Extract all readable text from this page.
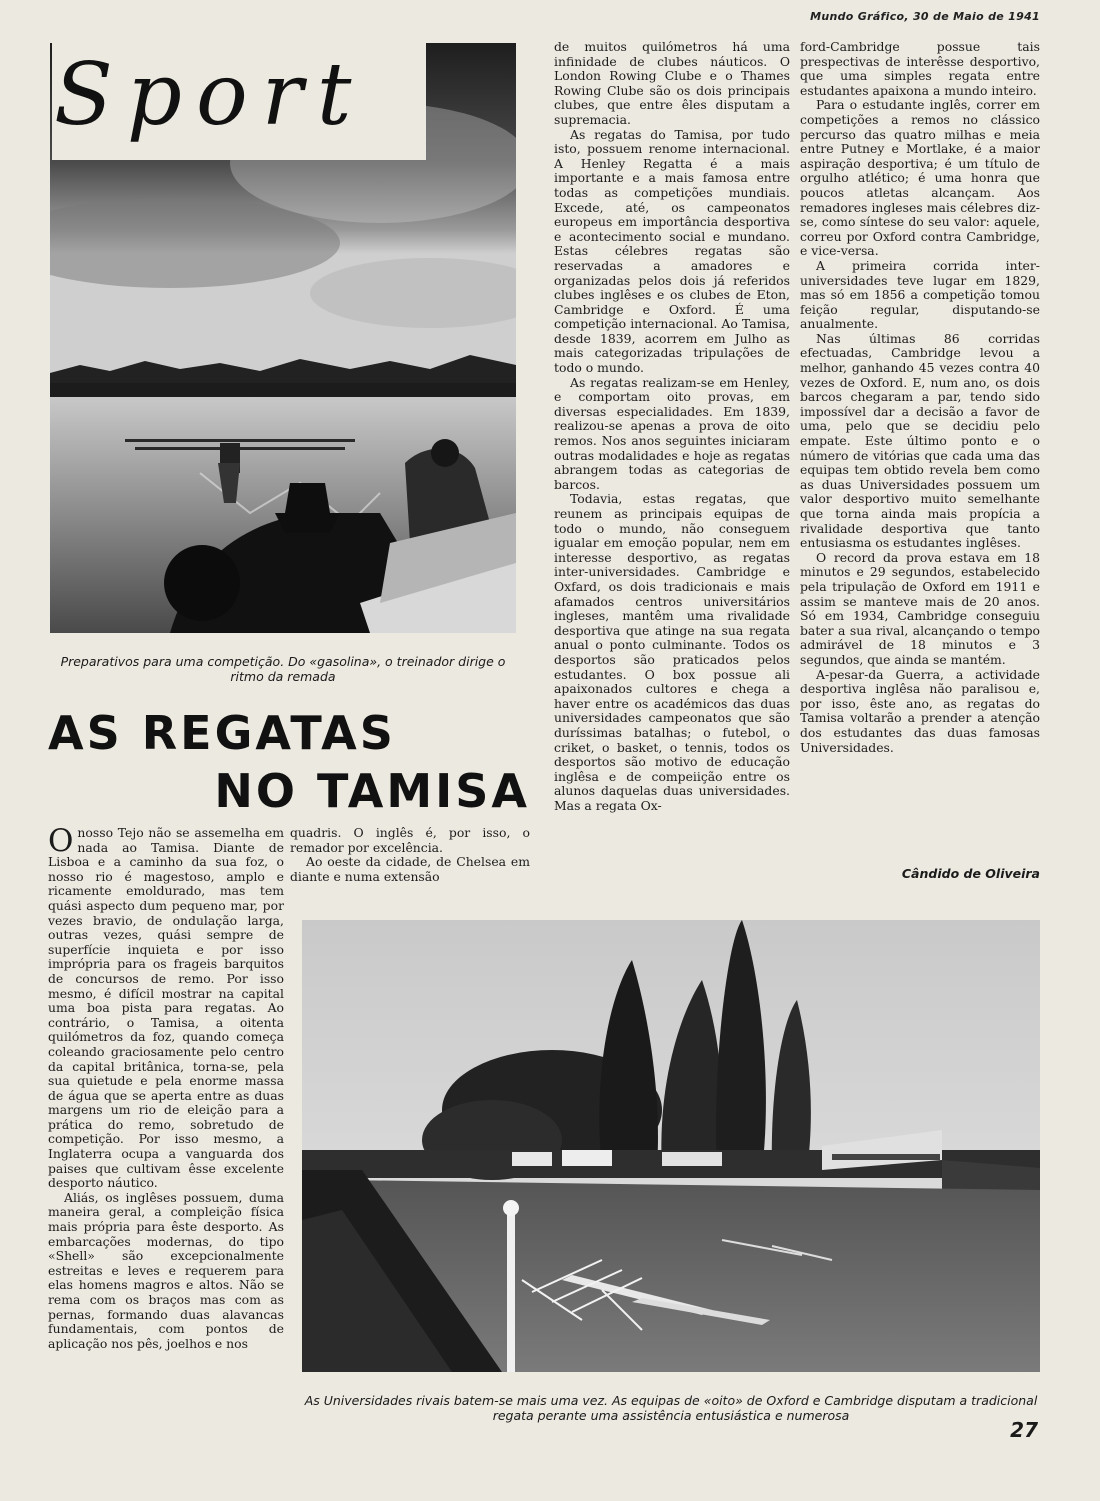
Mundo Gráfico, 30 de Maio de 1941
Sport
Preparativos para uma competição. Do «gasolina», o treinador dirige o ritmo da remada
AS REGATAS
NO TAMISA

Onosso Tejo não se assemelha em nada ao Tamisa. Diante de Lisboa e a caminho da sua foz, o nosso rio é magestoso, amplo e ricamente emoldurado, mas tem quási aspecto dum pequeno mar, por vezes bravio, de ondulação larga, outras vezes, quási sempre de superfície inquieta e por isso imprópria para os frageis barquitos de concursos de remo. Por isso mesmo, é difícil mostrar na capital uma boa pista para regatas. Ao contrário, o Tamisa, a oitenta quilómetros da foz, quando começa coleando graciosamente pelo centro da capital britânica, torna-se, pela sua quietude e pela enorme massa de água que se aperta entre as duas margens um rio de eleição para a prática do remo, sobretudo de competição. Por isso mesmo, a Inglaterra ocupa a vanguarda dos paises que cultivam êsse excelente desporto náutico.

Aliás, os inglêses possuem, duma maneira geral, a compleição física mais própria para êste desporto. As embarcações modernas, do tipo «Shell» são excepcionalmente estreitas e leves e requerem para elas homens magros e altos. Não se rema com os braços mas com as pernas, formando duas alavancas fundamentais, com pontos de aplicação nos pês, joelhos e nos

quadris. O inglês é, por isso, o remador por excelência.

Ao oeste da cidade, de Chelsea em diante e numa extensão

de muitos quilómetros há uma infinidade de clubes náuticos. O London Rowing Clube e o Thames Rowing Clube são os dois principais clubes, que entre êles disputam a supremacia.

As regatas do Tamisa, por tudo isto, possuem renome internacional. A Henley Regatta é a mais importante e a mais famosa entre todas as competições mundiais. Excede, até, os campeonatos europeus em importância desportiva e acontecimento social e mundano. Estas célebres regatas são reservadas a amadores e organizadas pelos dois já referidos clubes inglêses e os clubes de Eton, Cambridge e Oxford. É uma competição internacional. Ao Tamisa, desde 1839, acorrem em Julho as mais categorizadas tripulações de todo o mundo.

As regatas realizam-se em Henley, e comportam oito provas, em diversas especialidades. Em 1839, realizou-se apenas a prova de oito remos. Nos anos seguintes iniciaram outras modalidades e hoje as regatas abrangem todas as categorias de barcos.

Todavia, estas regatas, que reunem as principais equipas de todo o mundo, não conseguem igualar em emoção popular, nem em interesse desportivo, as regatas inter-universidades. Cambridge e Oxfard, os dois tradicionais e mais afamados centros universitários ingleses, mantêm uma rivalidade desportiva que atinge na sua regata anual o ponto culminante. Todos os desportos são praticados pelos estudantes. O box possue ali apaixonados cultores e chega a haver entre os académicos das duas universidades campeonatos que são duríssimas batalhas; o futebol, o criket, o basket, o tennis, todos os desportos são motivo de educação inglêsa e de compeiição entre os alunos daquelas duas universidades. Mas a regata Ox-

ford-Cambridge possue tais prespectivas de interêsse desportivo, que uma simples regata entre estudantes apaixona a mundo inteiro.

Para o estudante inglês, correr em competições a remos no clássico percurso das quatro milhas e meia entre Putney e Mortlake, é a maior aspiração desportiva; é um título de orgulho atlético; é uma honra que poucos atletas alcançam. Aos remadores ingleses mais célebres diz-se, como síntese do seu valor: aquele, correu por Oxford contra Cambridge, e vice-versa.

A primeira corrida inter-universidades teve lugar em 1829, mas só em 1856 a competição tomou feição regular, disputando-se anualmente.

Nas últimas 86 corridas efectuadas, Cambridge levou a melhor, ganhando 45 vezes contra 40 vezes de Oxford. E, num ano, os dois barcos chegaram a par, tendo sido impossível dar a decisão a favor de uma, pelo que se decidiu pelo empate. Este último ponto e o número de vitórias que cada uma das equipas tem obtido revela bem como as duas Universidades possuem um valor desportivo muito semelhante que torna ainda mais propícia a rivalidade desportiva que tanto entusiasma os estudantes inglêses.

O record da prova estava em 18 minutos e 29 segundos, estabelecido pela tripulação de Oxford em 1911 e assim se manteve mais de 20 anos. Só em 1934, Cambridge conseguiu bater a sua rival, alcançando o tempo admirável de 18 minutos e 3 segundos, que ainda se mantém.

A-pesar-da Guerra, a actividade desportiva inglêsa não paralisou e, por isso, êste ano, as regatas do Tamisa voltarão a prender a atenção dos estudantes das duas famosas Universidades.

Cândido de Oliveira
As Universidades rivais batem-se mais uma vez. As equipas de «oito» de Oxford e Cambridge disputam a tradicional regata perante uma assistência entusiástica e numerosa
27
